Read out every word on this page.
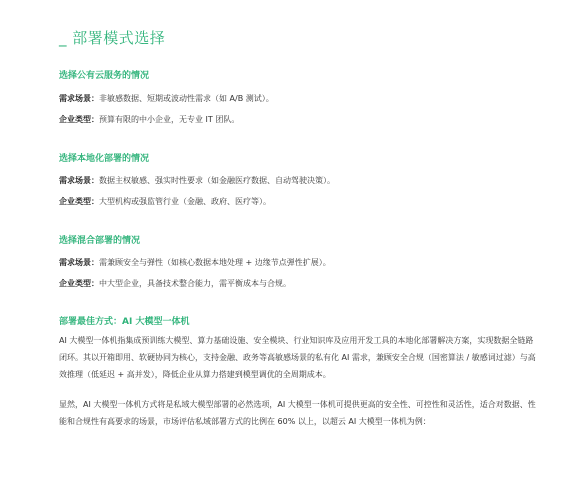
_ 部署模式选择
选择公有云服务的情况
需求场景：非敏感数据、短期或波动性需求（如 A/B 测试）。
企业类型：预算有限的中小企业，无专业 IT 团队。
选择本地化部署的情况
需求场景：数据主权敏感、强实时性要求（如金融医疗数据、自动驾驶决策）。
企业类型：大型机构或强监管行业（金融、政府、医疗等）。
选择混合部署的情况
需求场景：需兼顾安全与弹性（如核心数据本地处理 + 边缘节点弹性扩展）。
企业类型：中大型企业，具备技术整合能力，需平衡成本与合规。
部署最佳方式：AI 大模型一体机
AI 大模型一体机指集成预训练大模型、算力基础设施、安全模块、行业知识库及应用开发工具的本地化部署解决方案，实现数据全链路闭环。其以开箱即用、软硬协同为核心，支持金融、政务等高敏感场景的私有化 AI 需求，兼顾安全合规（国密算法 / 敏感词过滤）与高效推理（低延迟 + 高并发），降低企业从算力搭建到模型调优的全周期成本。
显然，AI 大模型一体机方式将是私域大模型部署的必然选项，AI 大模型一体机可提供更高的安全性、可控性和灵活性，适合对数据、性能和合规性有高要求的场景，市场评估私域部署方式的比例在 60% 以上，以超云 AI 大模型一体机为例：
